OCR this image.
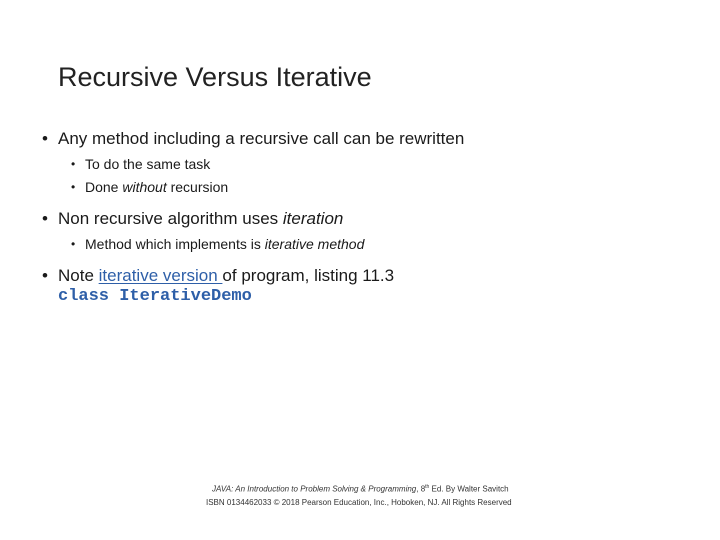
Recursive Versus Iterative
• Any method including a recursive call can be rewritten
• To do the same task
• Done without recursion
• Non recursive algorithm uses iteration
• Method which implements is iterative method
• Note iterative version of program, listing 11.3
class IterativeDemo
JAVA: An Introduction to Problem Solving & Programming, 8th Ed. By Walter Savitch
ISBN 0134462033 © 2018 Pearson Education, Inc., Hoboken, NJ. All Rights Reserved
